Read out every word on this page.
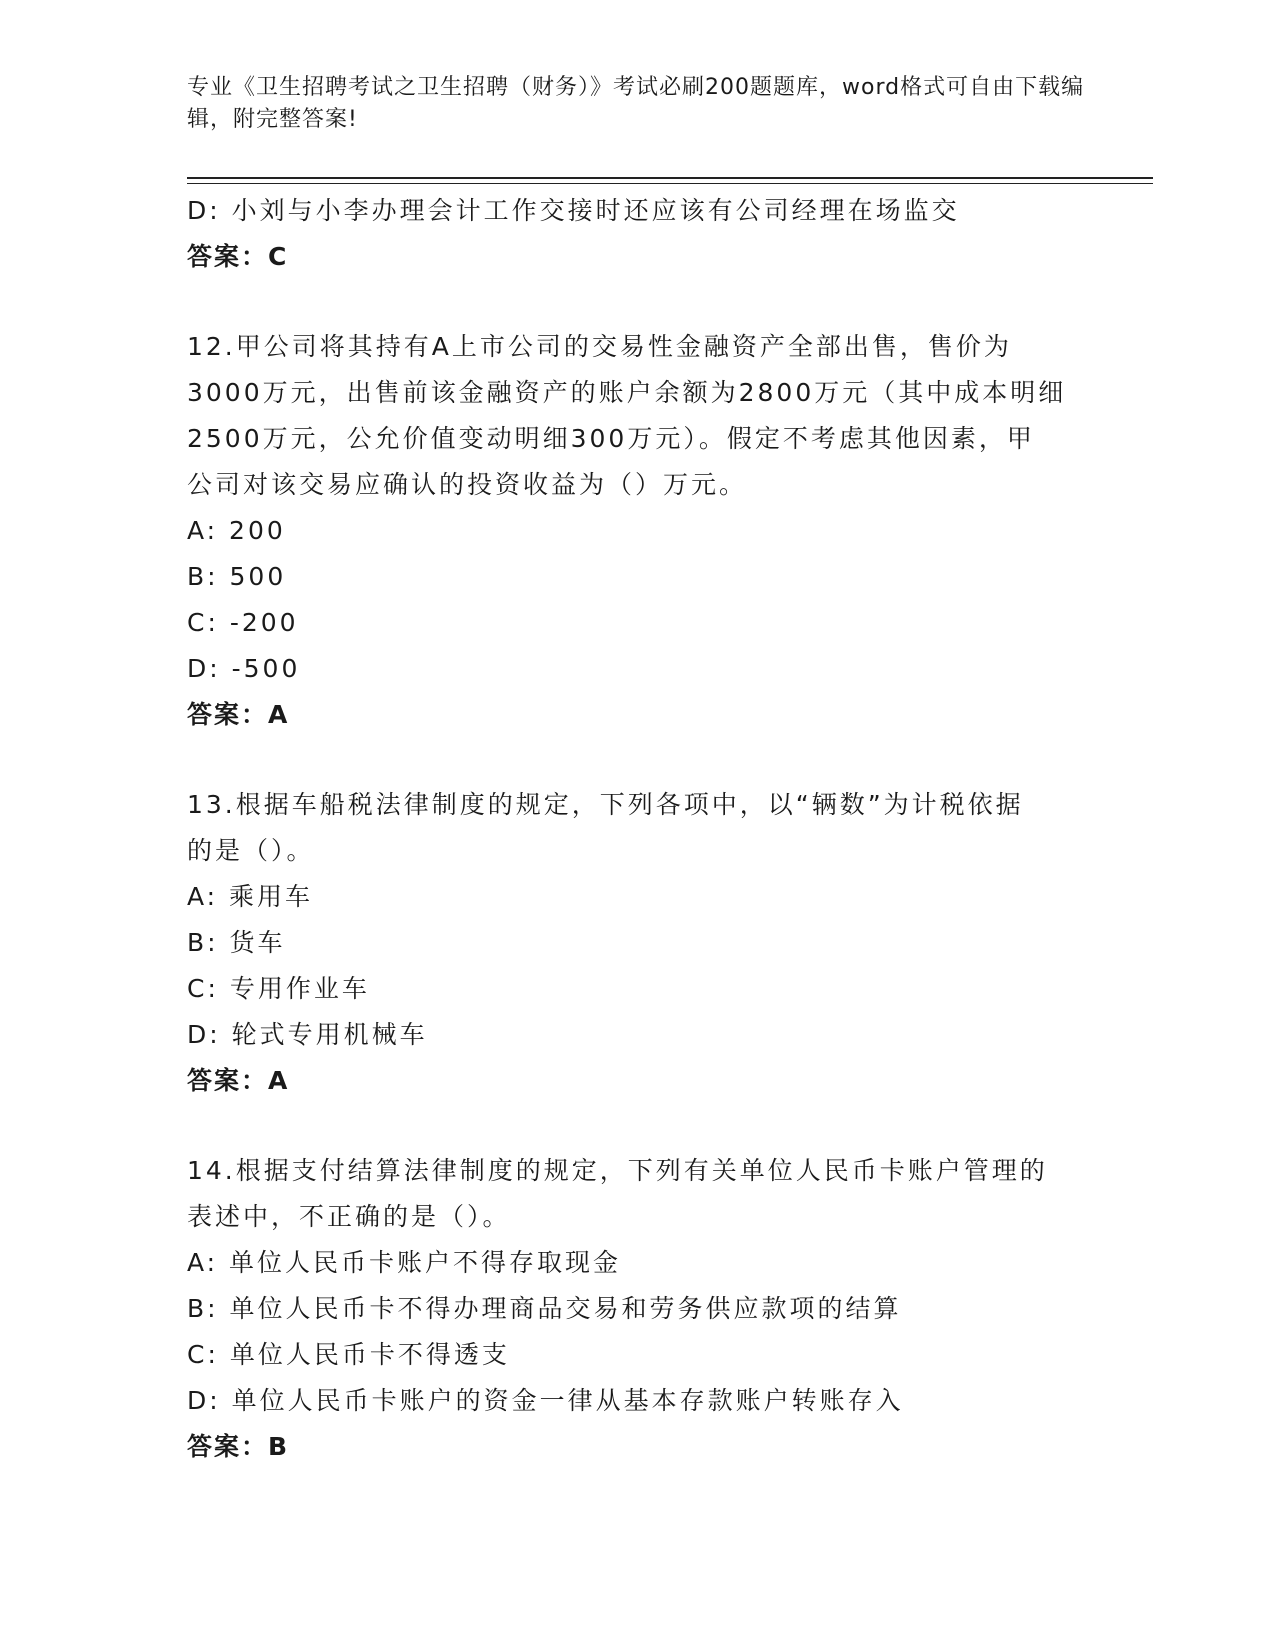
专业《卫生招聘考试之卫生招聘（财务）》考试必刷200题题库，word格式可自由下载编辑，附完整答案!
D: 小刘与小李办理会计工作交接时还应该有公司经理在场监交
答案：C
12.甲公司将其持有A上市公司的交易性金融资产全部出售，售价为
3000万元，出售前该金融资产的账户余额为2800万元（其中成本明细
2500万元，公允价值变动明细300万元）。假定不考虑其他因素，甲
公司对该交易应确认的投资收益为（）万元。
A: 200
B: 500
C: -200
D: -500
答案：A
13.根据车船税法律制度的规定，下列各项中，以“辆数”为计税依据
的是（）。
A: 乘用车
B: 货车
C: 专用作业车
D: 轮式专用机械车
答案：A
14.根据支付结算法律制度的规定，下列有关单位人民币卡账户管理的
表述中，不正确的是（）。
A: 单位人民币卡账户不得存取现金
B: 单位人民币卡不得办理商品交易和劳务供应款项的结算
C: 单位人民币卡不得透支
D: 单位人民币卡账户的资金一律从基本存款账户转账存入
答案：B
